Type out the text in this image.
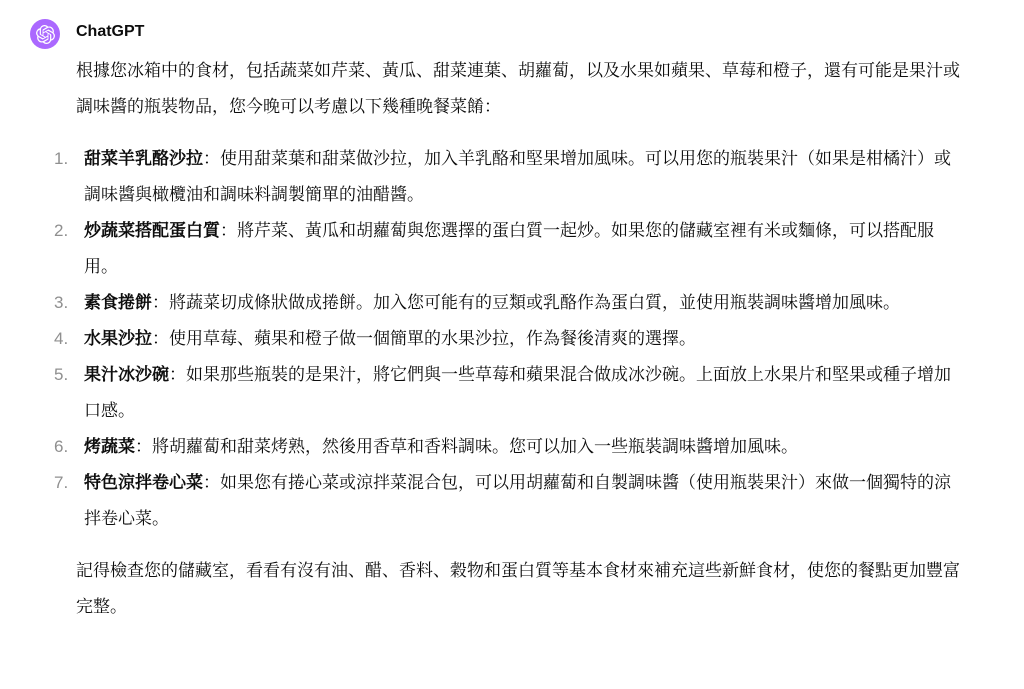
ChatGPT

根據您冰箱中的食材，包括蔬菜如芹菜、黃瓜、甜菜連葉、胡蘿蔔，以及水果如蘋果、草莓和橙子，還有可能是果汁或調味醬的瓶裝物品，您今晚可以考慮以下幾種晚餐菜餚：

1. 甜菜羊乳酪沙拉：使用甜菜葉和甜菜做沙拉，加入羊乳酪和堅果增加風味。可以用您的瓶裝果汁（如果是柑橘汁）或調味醬與橄欖油和調味料調製簡單的油醋醬。
2. 炒蔬菜搭配蛋白質：將芹菜、黃瓜和胡蘿蔔與您選擇的蛋白質一起炒。如果您的儲藏室裡有米或麵條，可以搭配服用。
3. 素食捲餅：將蔬菜切成條狀做成捲餅。加入您可能有的豆類或乳酪作為蛋白質，並使用瓶裝調味醬增加風味。
4. 水果沙拉：使用草莓、蘋果和橙子做一個簡單的水果沙拉，作為餐後清爽的選擇。
5. 果汁冰沙碗：如果那些瓶裝的是果汁，將它們與一些草莓和蘋果混合做成冰沙碗。上面放上水果片和堅果或種子增加口感。
6. 烤蔬菜：將胡蘿蔔和甜菜烤熟，然後用香草和香料調味。您可以加入一些瓶裝調味醬增加風味。
7. 特色涼拌卷心菜：如果您有捲心菜或涼拌菜混合包，可以用胡蘿蔔和自製調味醬（使用瓶裝果汁）來做一個獨特的涼拌卷心菜。

記得檢查您的儲藏室，看看有沒有油、醋、香料、穀物和蛋白質等基本食材來補充這些新鮮食材，使您的餐點更加豐富完整。
